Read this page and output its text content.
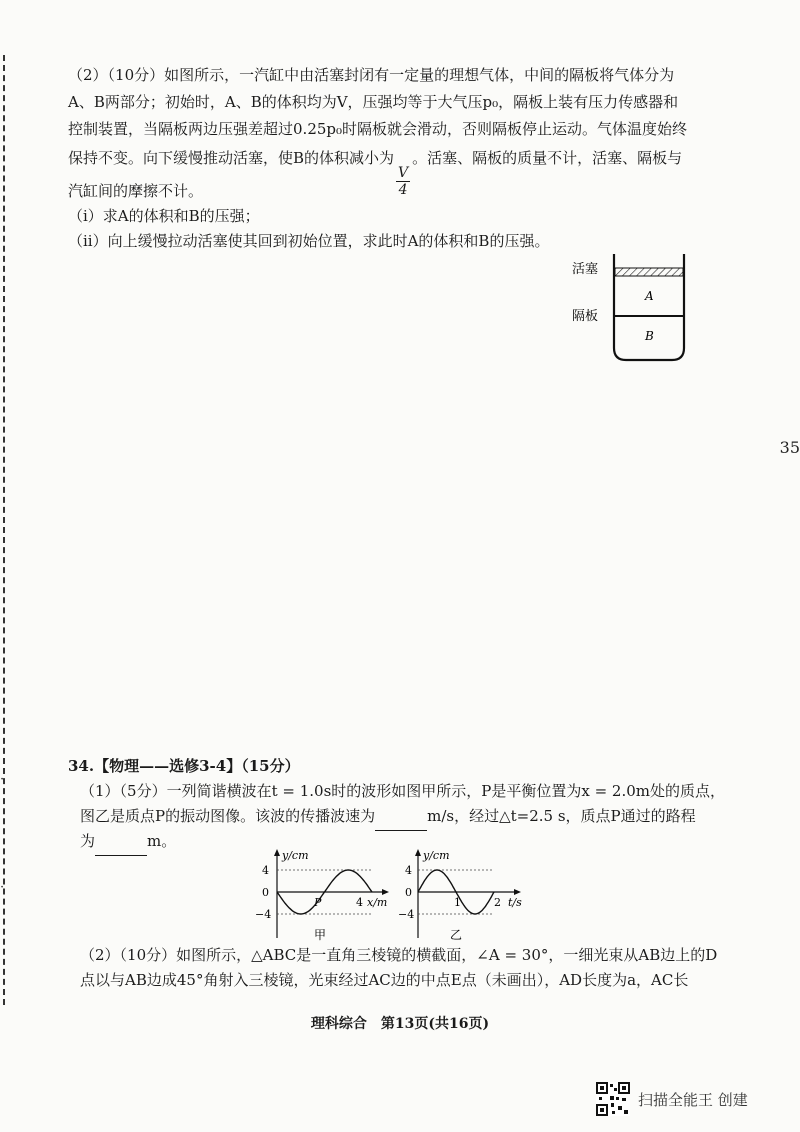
·
·
（2）（10分）如图所示，一汽缸中由活塞封闭有一定量的理想气体，中间的隔板将气体分为
A、B两部分；初始时，A、B的体积均为V，压强均等于大气压p₀，隔板上装有压力传感器和
控制装置，当隔板两边压强差超过0.25p₀时隔板就会滑动，否则隔板停止运动。气体温度始终
保持不变。向下缓慢推动活塞，使B的体积减小为
$\frac{V}{4}$
。活塞、隔板的质量不计，活塞、隔板与
汽缸间的摩擦不计。
（i）求A的体积和B的压强；
（ii）向上缓慢拉动活塞使其回到初始位置，求此时A的体积和B的压强。
活塞
隔板
A
B
35
34.【物理——选修3-4】（15分）
（1）（5分）一列简谐横波在t = 1.0s时的波形如图甲所示，P是平衡位置为x = 2.0m处的质点，
图乙是质点P的振动图像。该波的传播波速为	m/s，经过△t=2.5 s，质点P通过的路程
为	m。
y/cm
4
0
−4
P	4 x/m
甲
y/cm
4
0
−4
1	2 t/s
乙
（2）（10分）如图所示，△ABC是一直角三棱镜的横截面，∠A = 30°，一细光束从AB边上的D
点以与AB边成45°角射入三棱镜，光束经过AC边的中点E点（未画出），AD长度为a，AC长
理科综合　第13页(共16页)
扫描全能王 创建
